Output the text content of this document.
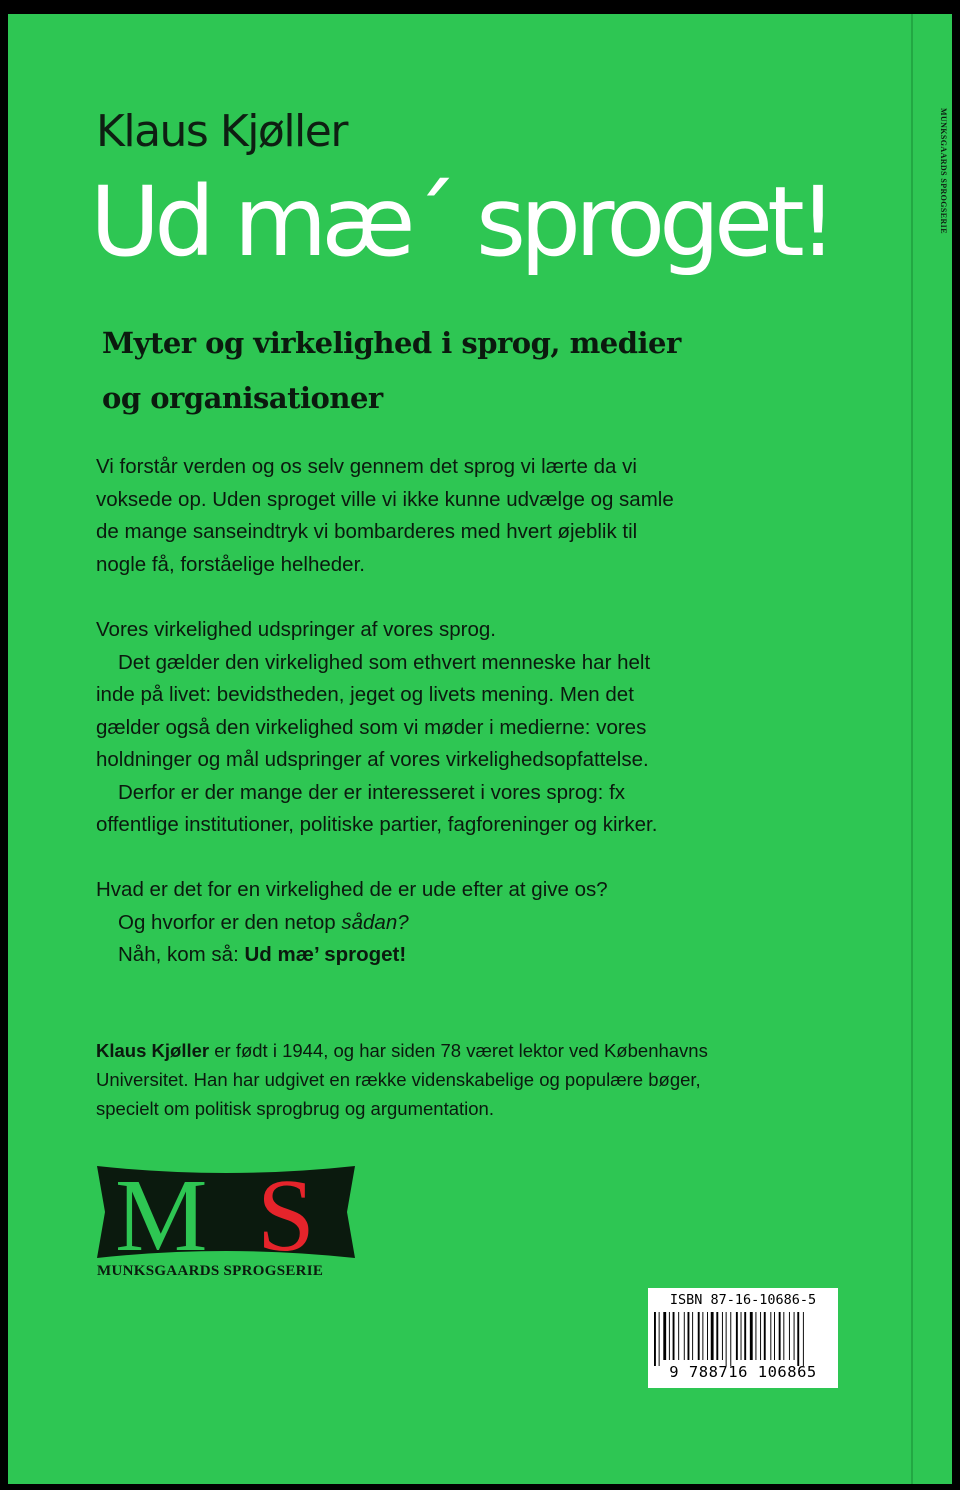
MUNKSGAARDS SPROGSERIE
Klaus Kjøller
Ud mæ´ sproget!
Myter og virkelighed i sprog, medier
og organisationer
Vi forstår verden og os selv gennem det sprog vi lærte da vi
voksede op. Uden sproget ville vi ikke kunne udvælge og samle
de mange sanseindtryk vi bombarderes med hvert øjeblik til
nogle få, forståelige helheder.
Vores virkelighed udspringer af vores sprog.
Det gælder den virkelighed som ethvert menneske har helt
inde på livet: bevidstheden, jeget og livets mening. Men det
gælder også den virkelighed som vi møder i medierne: vores
holdninger og mål udspringer af vores virkelighedsopfattelse.
Derfor er der mange der er interesseret i vores sprog: fx
offentlige institutioner, politiske partier, fagforeninger og kirker.
Hvad er det for en virkelighed de er ude efter at give os?
Og hvorfor er den netop sådan?
Nåh, kom så: Ud mæ’ sproget!
Klaus Kjøller er født i 1944, og har siden 78 været lektor ved Københavns
Universitet. Han har udgivet en række videnskabelige og populære bøger,
specielt om politisk sprogbrug og argumentation.
M S
MUNKSGAARDS SPROGSERIE
ISBN 87-16-10686-5
9 788716 106865
